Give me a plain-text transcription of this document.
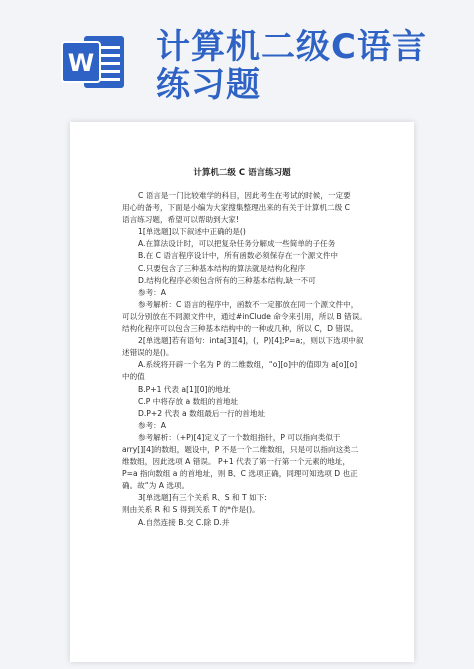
W 计算机二级C语言
练习题
计算机二级 C 语言练习题
C 语言是一门比较难学的科目，因此考生在考试的时候，一定要
用心的备考，下面是小编为大家搜集整理出来的有关于计算机二级 C
语言练习题，希望可以帮助到大家!
1[单选题]以下叙述中正确的是()
A.在算法设计时，可以把复杂任务分解成一些简单的子任务
B.在 C 语言程序设计中，所有函数必须保存在一个源文件中
C.只要包含了三种基本结构的算法就是结构化程序
D.结构化程序必须包含所有的三种基本结构,缺一不可
参考：A
参考解析：C 语言的程序中，函数不一定都放在同一个源文件中，
可以分别放在不同源文件中，通过#inClude 命令来引用，所以 B 错误。
结构化程序可以包含三种基本结构中的一种或几种，所以 C，D 错误。
2[单选题]若有语句：inta[3][4]，(，P)[4];P=a;，则以下选项中叙
述错误的是()。
A.系统将开辟一个名为 P 的二维数组，“o][o]中的值即为 a[o][o]
中的值
B.P+1 代表 a[1][0]的地址
C.P 中将存放 a 数组的首地址
D.P+2 代表 a 数组最后一行的首地址
参考：A
参考解析：（+P)[4]定义了一个数组指针，P 可以指向类似于
arry[][4]的数组，题设中，P 不是一个二维数组，只是可以指向这类二
维数组，因此选项 A 错误。 P+1 代表了第一行第一个元素的地址，
P=a 指向数组 a 的首地址，则 B、C 选项正确，同理可知选项 D 也正
确。故“为 A 选项。
3[单选题]有三个关系 R、S 和 T 如下:
则由关系 R 和 S 得到关系 T 的*作是()。
A.自然连接 B.交 C.除 D.并
